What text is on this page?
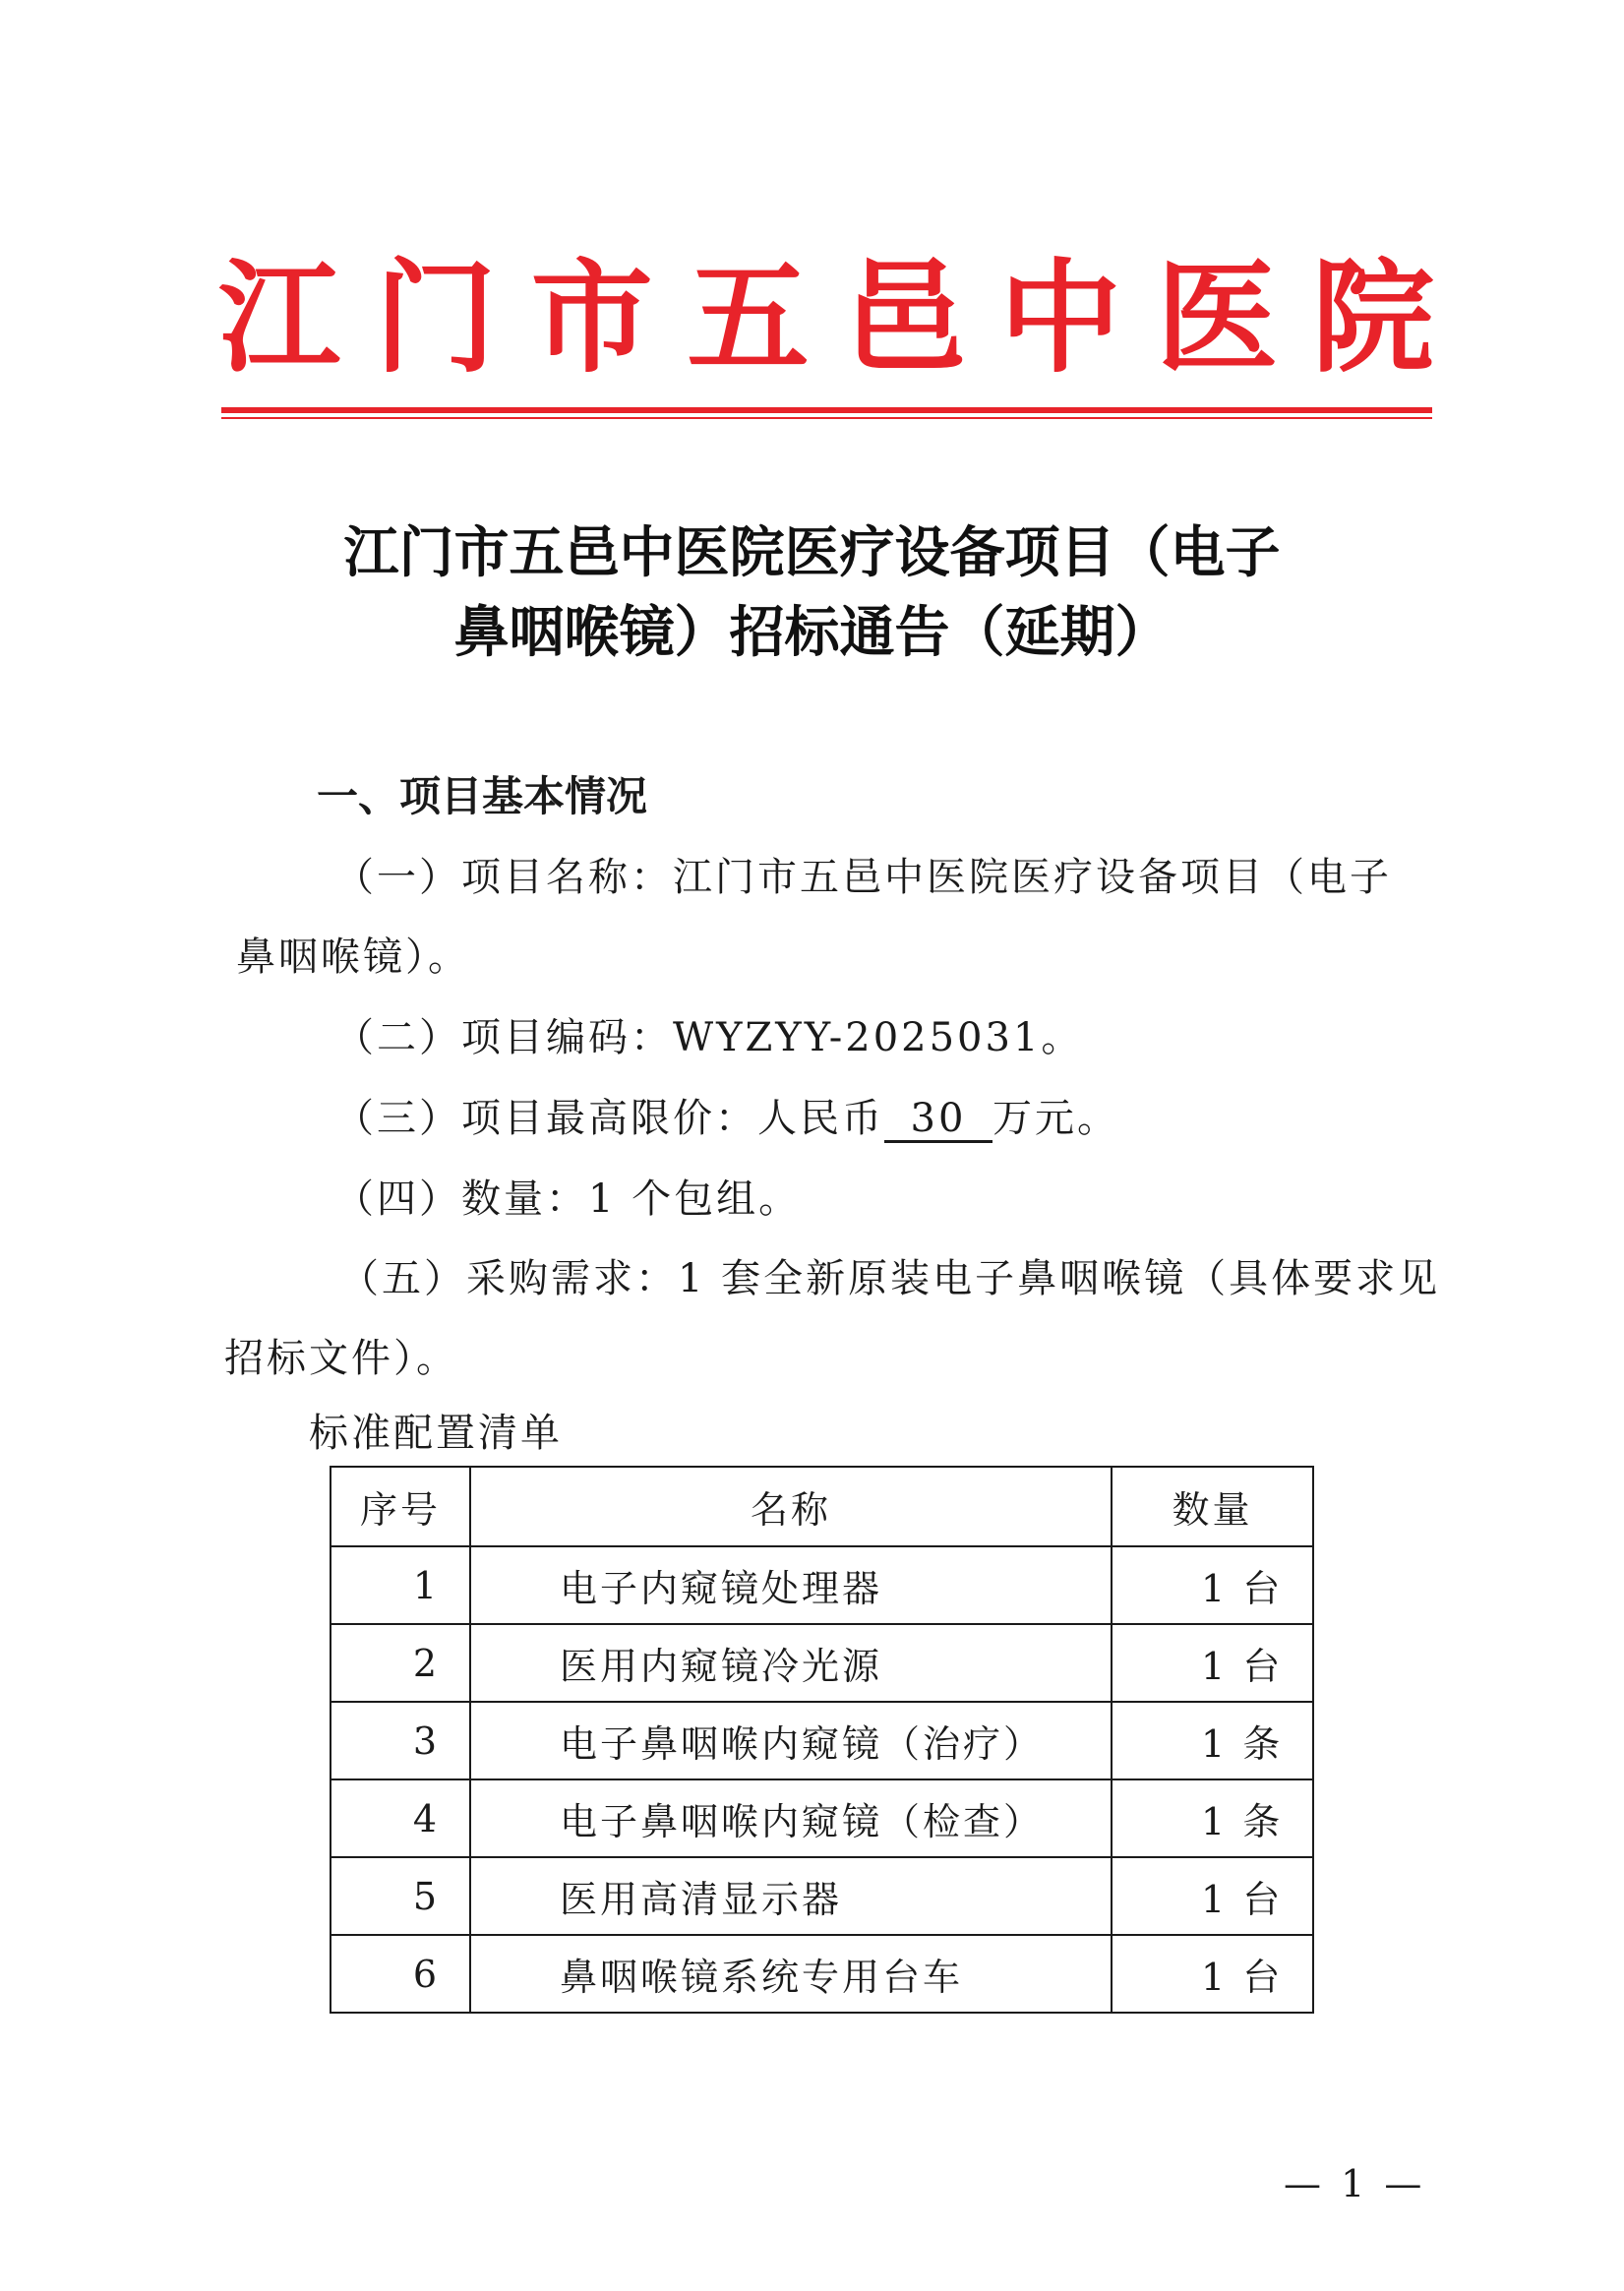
江 门 市 五 邑 中 医 院
江门市五邑中医院医疗设备项目（电子
鼻咽喉镜）招标通告（延期）
一、项目基本情况
（一）项目名称：江门市五邑中医院医疗设备项目（电子
鼻咽喉镜）。
（二）项目编码：WYZYY-2025031。
（三）项目最高限价：人民币 30 万元。
（四）数量：1 个包组。
（五）采购需求：1 套全新原装电子鼻咽喉镜（具体要求见
招标文件）。
标准配置清单
序号	名称	数量
1	电子内窥镜处理器	1 台
2	医用内窥镜冷光源	1 台
3	电子鼻咽喉内窥镜（治疗）	1 条
4	电子鼻咽喉内窥镜（检查）	1 条
5	医用高清显示器	1 台
6	鼻咽喉镜系统专用台车	1 台
— 1 —
